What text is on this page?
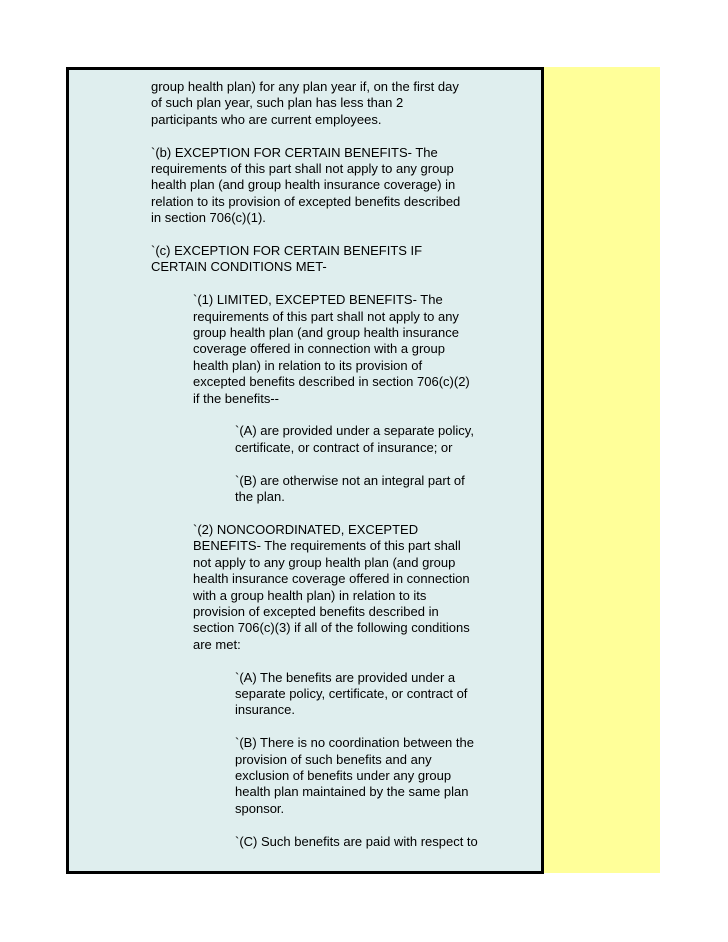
group health plan) for any plan year if, on the first day
of such plan year, such plan has less than 2
participants who are current employees.
`(b) EXCEPTION FOR CERTAIN BENEFITS- The
requirements of this part shall not apply to any group
health plan (and group health insurance coverage) in
relation to its provision of excepted benefits described
in section 706(c)(1).
`(c) EXCEPTION FOR CERTAIN BENEFITS IF
CERTAIN CONDITIONS MET-
`(1) LIMITED, EXCEPTED BENEFITS- The
requirements of this part shall not apply to any
group health plan (and group health insurance
coverage offered in connection with a group
health plan) in relation to its provision of
excepted benefits described in section 706(c)(2)
if the benefits--
`(A) are provided under a separate policy,
certificate, or contract of insurance; or
`(B) are otherwise not an integral part of
the plan.
`(2) NONCOORDINATED, EXCEPTED
BENEFITS- The requirements of this part shall
not apply to any group health plan (and group
health insurance coverage offered in connection
with a group health plan) in relation to its
provision of excepted benefits described in
section 706(c)(3) if all of the following conditions
are met:
`(A) The benefits are provided under a
separate policy, certificate, or contract of
insurance.
`(B) There is no coordination between the
provision of such benefits and any
exclusion of benefits under any group
health plan maintained by the same plan
sponsor.
`(C) Such benefits are paid with respect to
